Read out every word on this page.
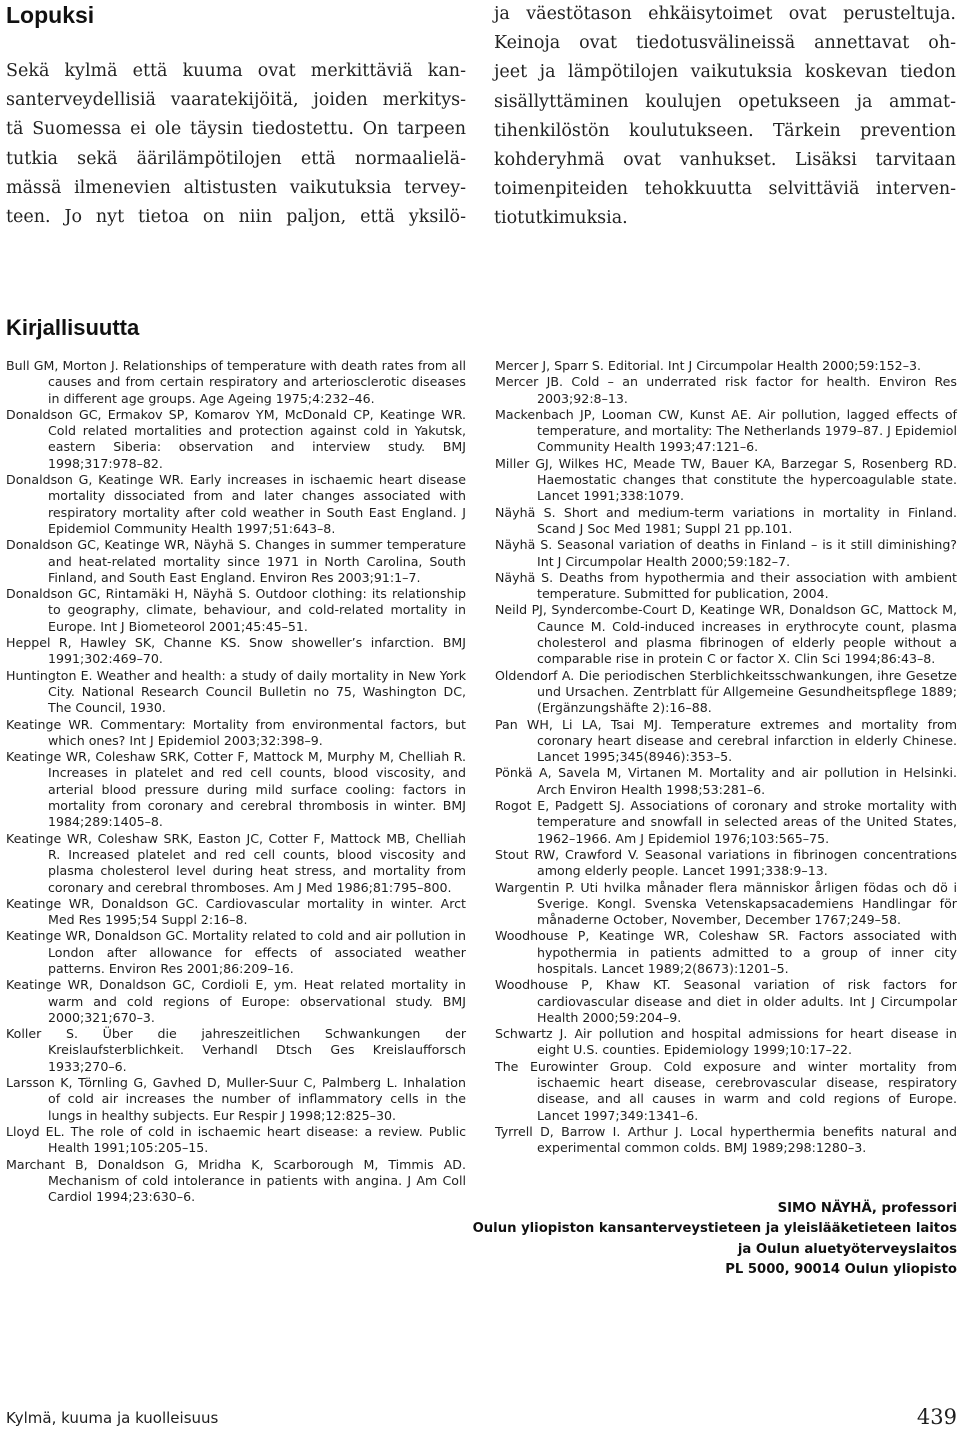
Lopuksi

Sekä kylmä että kuuma ovat merkittäviä kan-
santerveydellisiä vaaratekijöitä, joiden merkitys-
tä Suomessa ei ole täysin tiedostettu. On tarpeen
tutkia sekä äärilämpötilojen että normaalielä-
mässä ilmenevien altistusten vaikutuksia tervey-
teen. Jo nyt tietoa on niin paljon, että yksilö-

ja väestötason ehkäisytoimet ovat perusteltuja.
Keinoja ovat tiedotusvälineissä annettavat oh-
jeet ja lämpötilojen vaikutuksia koskevan tiedon
sisällyttäminen koulujen opetukseen ja ammat-
tihenkilöstön koulutukseen. Tärkein prevention
kohderyhmä ovat vanhukset. Lisäksi tarvitaan
toimenpiteiden tehokkuutta selvittäviä interven-
tiotutkimuksia.

Kirjallisuutta
Bull GM, Morton J. Relationships of temperature with death rates from all causes and from certain respiratory and arteriosclerotic diseases in different age groups. Age Ageing 1975;4:232–46.
Donaldson GC, Ermakov SP, Komarov YM, McDonald CP, Keatinge WR. Cold related mortalities and protection against cold in Yakutsk, eastern Siberia: observation and interview study. BMJ 1998;317:978–82.
Donaldson G, Keatinge WR. Early increases in ischaemic heart disease mortality dissociated from and later changes associated with respiratory mortality after cold weather in South East England. J Epidemiol Community Health 1997;51:643–8.
Donaldson GC, Keatinge WR, Näyhä S. Changes in summer temperature and heat-related mortality since 1971 in North Carolina, South Finland, and South East England. Environ Res 2003;91:1–7.
Donaldson GC, Rintamäki H, Näyhä S. Outdoor clothing: its relationship to geography, climate, behaviour, and cold-related mortality in Europe. Int J Biometeorol 2001;45:45–51.
Heppel R, Hawley SK, Channe KS. Snow showeller’s infarction. BMJ 1991;302:469–70.
Huntington E. Weather and health: a study of daily mortality in New York City. National Research Council Bulletin no 75, Washington DC, The Council, 1930.
Keatinge WR. Commentary: Mortality from environmental factors, but which ones? Int J Epidemiol 2003;32:398–9.
Keatinge WR, Coleshaw SRK, Cotter F, Mattock M, Murphy M, Chelliah R. Increases in platelet and red cell counts, blood viscosity, and arterial blood pressure during mild surface cooling: factors in mortality from coronary and cerebral thrombosis in winter. BMJ 1984;289:1405–8.
Keatinge WR, Coleshaw SRK, Easton JC, Cotter F, Mattock MB, Chelliah R. Increased platelet and red cell counts, blood viscosity and plasma cholesterol level during heat stress, and mortality from coronary and cerebral thromboses. Am J Med 1986;81:795–800.
Keatinge WR, Donaldson GC. Cardiovascular mortality in winter. Arct Med Res 1995;54 Suppl 2:16–8.
Keatinge WR, Donaldson GC. Mortality related to cold and air pollution in London after allowance for effects of associated weather patterns. Environ Res 2001;86:209–16.
Keatinge WR, Donaldson GC, Cordioli E, ym. Heat related mortality in warm and cold regions of Europe: observational study. BMJ 2000;321;670–3.
Koller S. Über die jahreszeitlichen Schwankungen der Kreislaufsterblichkeit. Verhandl Dtsch Ges Kreislaufforsch 1933;270–6.
Larsson K, Törnling G, Gavhed D, Muller-Suur C, Palmberg L. Inhalation of cold air increases the number of inflammatory cells in the lungs in healthy subjects. Eur Respir J 1998;12:825–30.
Lloyd EL. The role of cold in ischaemic heart disease: a review. Public Health 1991;105:205–15.
Marchant B, Donaldson G, Mridha K, Scarborough M, Timmis AD. Mechanism of cold intolerance in patients with angina. J Am Coll Cardiol 1994;23:630–6.
Mercer J, Sparr S. Editorial. Int J Circumpolar Health 2000;59:152–3.
Mercer JB. Cold – an underrated risk factor for health. Environ Res 2003;92:8–13.
Mackenbach JP, Looman CW, Kunst AE. Air pollution, lagged effects of temperature, and mortality: The Netherlands 1979–87. J Epidemiol Community Health 1993;47:121–6.
Miller GJ, Wilkes HC, Meade TW, Bauer KA, Barzegar S, Rosenberg RD. Haemostatic changes that constitute the hypercoagulable state. Lancet 1991;338:1079.
Näyhä S. Short and medium-term variations in mortality in Finland. Scand J Soc Med 1981; Suppl 21 pp.101.
Näyhä S. Seasonal variation of deaths in Finland – is it still diminishing? Int J Circumpolar Health 2000;59:182–7.
Näyhä S. Deaths from hypothermia and their association with ambient temperature. Submitted for publication, 2004.
Neild PJ, Syndercombe-Court D, Keatinge WR, Donaldson GC, Mattock M, Caunce M. Cold-induced increases in erythrocyte count, plasma cholesterol and plasma fibrinogen of elderly people without a comparable rise in protein C or factor X. Clin Sci 1994;86:43–8.
Oldendorf A. Die periodischen Sterblichkeitsschwankungen, ihre Gesetze und Ursachen. Zentrblatt für Allgemeine Gesundheitspflege 1889;(Ergänzungshäfte 2):16–88.
Pan WH, Li LA, Tsai MJ. Temperature extremes and mortality from coronary heart disease and cerebral infarction in elderly Chinese. Lancet 1995;345(8946):353–5.
Pönkä A, Savela M, Virtanen M. Mortality and air pollution in Helsinki. Arch Environ Health 1998;53:281–6.
Rogot E, Padgett SJ. Associations of coronary and stroke mortality with temperature and snowfall in selected areas of the United States, 1962–1966. Am J Epidemiol 1976;103:565–75.
Stout RW, Crawford V. Seasonal variations in fibrinogen concentrations among elderly people. Lancet 1991;338:9–13.
Wargentin P. Uti hvilka månader flera människor årligen födas och dö i Sverige. Kongl. Svenska Vetenskapsacademiens Handlingar för månaderne October, November, December 1767;249–58.
Woodhouse P, Keatinge WR, Coleshaw SR. Factors associated with hypothermia in patients admitted to a group of inner city hospitals. Lancet 1989;2(8673):1201–5.
Woodhouse P, Khaw KT. Seasonal variation of risk factors for cardiovascular disease and diet in older adults. Int J Circumpolar Health 2000;59:204–9.
Schwartz J. Air pollution and hospital admissions for heart disease in eight U.S. counties. Epidemiology 1999;10:17–22.
The Eurowinter Group. Cold exposure and winter mortality from ischaemic heart disease, cerebrovascular disease, respiratory disease, and all causes in warm and cold regions of Europe. Lancet 1997;349:1341–6.
Tyrrell D, Barrow I. Arthur J. Local hyperthermia benefits natural and experimental common colds. BMJ 1989;298:1280–3.
SIMO NÄYHÄ, professori
Oulun yliopiston kansanterveystieteen ja yleislääketieteen laitos
ja Oulun aluetyöterveyslaitos
PL 5000, 90014 Oulun yliopisto
Kylmä, kuuma ja kuolleisuus	439
